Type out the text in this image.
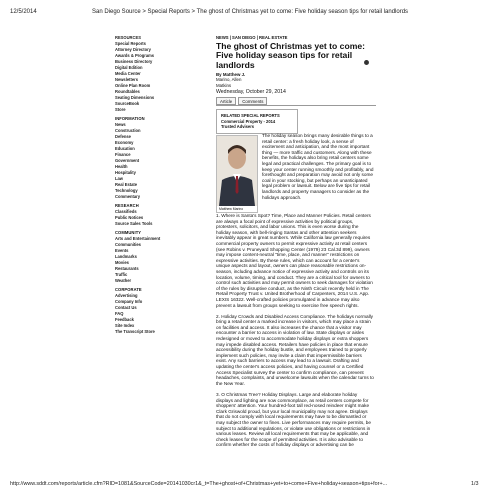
12/5/2014	San Diego Source > Special Reports > The ghost of Christmas yet to come: Five holiday season tips for retail landlords
RESOURCES
Special Reports
Attorney Directory
Awards & Programs
Business Directory
Digital Edition
Media Center
Newsletters
Online Plan Room
Roundtables
Seating Dimensions
SourceBook
Store
INFORMATION
News
Construction
Defense
Economy
Education
Finance
Government
Health
Hospitality
Law
Real Estate
Technology
Commentary
RESEARCH
Classifieds
Public Notices
Source Sales Tools
COMMUNITY
Arts and Entertainment
Communities
Events
Landmarks
Movies
Restaurants
Traffic
Weather
CORPORATE
Advertising
Company Info
Contact Us
FAQ
Feedback
Site Index
The Transcript Store
NEWS | SAN DIEGO | REAL ESTATE
The ghost of Christmas yet to come: Five holiday season tips for retail landlords
By Matthew J.
Marino, Allen
Matkins
Wednesday, October 29, 2014
Article	Comments
RELATED SPECIAL REPORTS
Commercial Property - 2014
Trusted Advisers
Matthew Marino
The holiday season brings many desirable things to a retail center: a fresh holiday look, a sense of excitement and anticipation, and the most important thing — more traffic and customers. Along with these benefits, the holidays also bring retail centers some legal and practical challenges. The primary goal is to keep your center running smoothly and profitably, and forethought and preparation may avoid not only some coal in your stocking, but perhaps an unanticipated legal problem or lawsuit. Below are five tips for retail landlords and property managers to consider as the holidays approach.

1. Where is Santa's Spot? Time, Place and Manner Policies. Retail centers are always a focal point of expressive activities by political groups, protesters, solicitors, and labor unions. This is even worse during the holiday season, with bell-ringing Santas and other attention seekers inevitably appear in great numbers. While California law generally requires commercial property owners to permit expressive activity at retail centers (see Robins v. Pruneyard Shopping Center (1979) 23 Cal.3d 899), owners may impose content-neutral "time, place, and manner" restrictions on expressive activities. By these rules, which can account for a center's unique aspects and layout, owners can place reasonable restrictions on-season, including advance notice of expressive activity and controls on its location, volume, timing, and conduct. They are a critical tool for owners to control such activities and may permit owners to seek damages for violation of the rules by disruptive conduct, as the Ninth Circuit recently held in The Retail Property Trust v. United Brotherhood of Carpenters, 2014 U.S. App. LEXIS 16322. Well-crafted policies promulgated in advance may also prevent a lawsuit from groups seeking to exercise free speech rights.

2. Holiday Crowds and Disabled Access Compliance. The holidays normally bring a retail center a marked increase in visitors, which may place a strain on facilities and access. It also increases the chance that a visitor may encounter a barrier to access in violation of law. State displays or aisles redesigned or moved to accommodate holiday displays or extra shoppers may impede disabled access. Retailers have policies in place that ensure accessibility during the holiday bustle, and employees trained to properly implement such policies, may invite a claim that impermissible barriers exist. Any such barriers to access may lead to a lawsuit. Drafting and updating the center's access policies, and having counsel or a Certified Access Specialist survey the center to confirm compliance, can prevent headaches, complaints, and unwelcome lawsuits when the calendar turns to the New Year.

3. O Christmas Tree? Holiday Displays. Large and elaborate holiday displays and lighting are now commonplace, as retail centers compete for shoppers' attention. Your hundred-foot tall red-nosed reindeer might make Clark Griswold proud, but your local municipality may not agree. Displays that do not comply with local requirements may have to be dismantled or may subject the owner to fines. Live performances may require permits, be subject to additional regulations, or violate use obligations or restrictions in various leases. Review all local requirements that may be applicable, and check leases for the scope of permitted activities. It is also advisable to confirm whether the costs of holiday displays or advertising can be

http://www.sddt.com/reports/article.cfm?RID=1081&SourceCode=20141030cr1&_t=The+ghost+of+Christmas+yet+to+come+Five+holiday+season+tips+for+...	1/3
